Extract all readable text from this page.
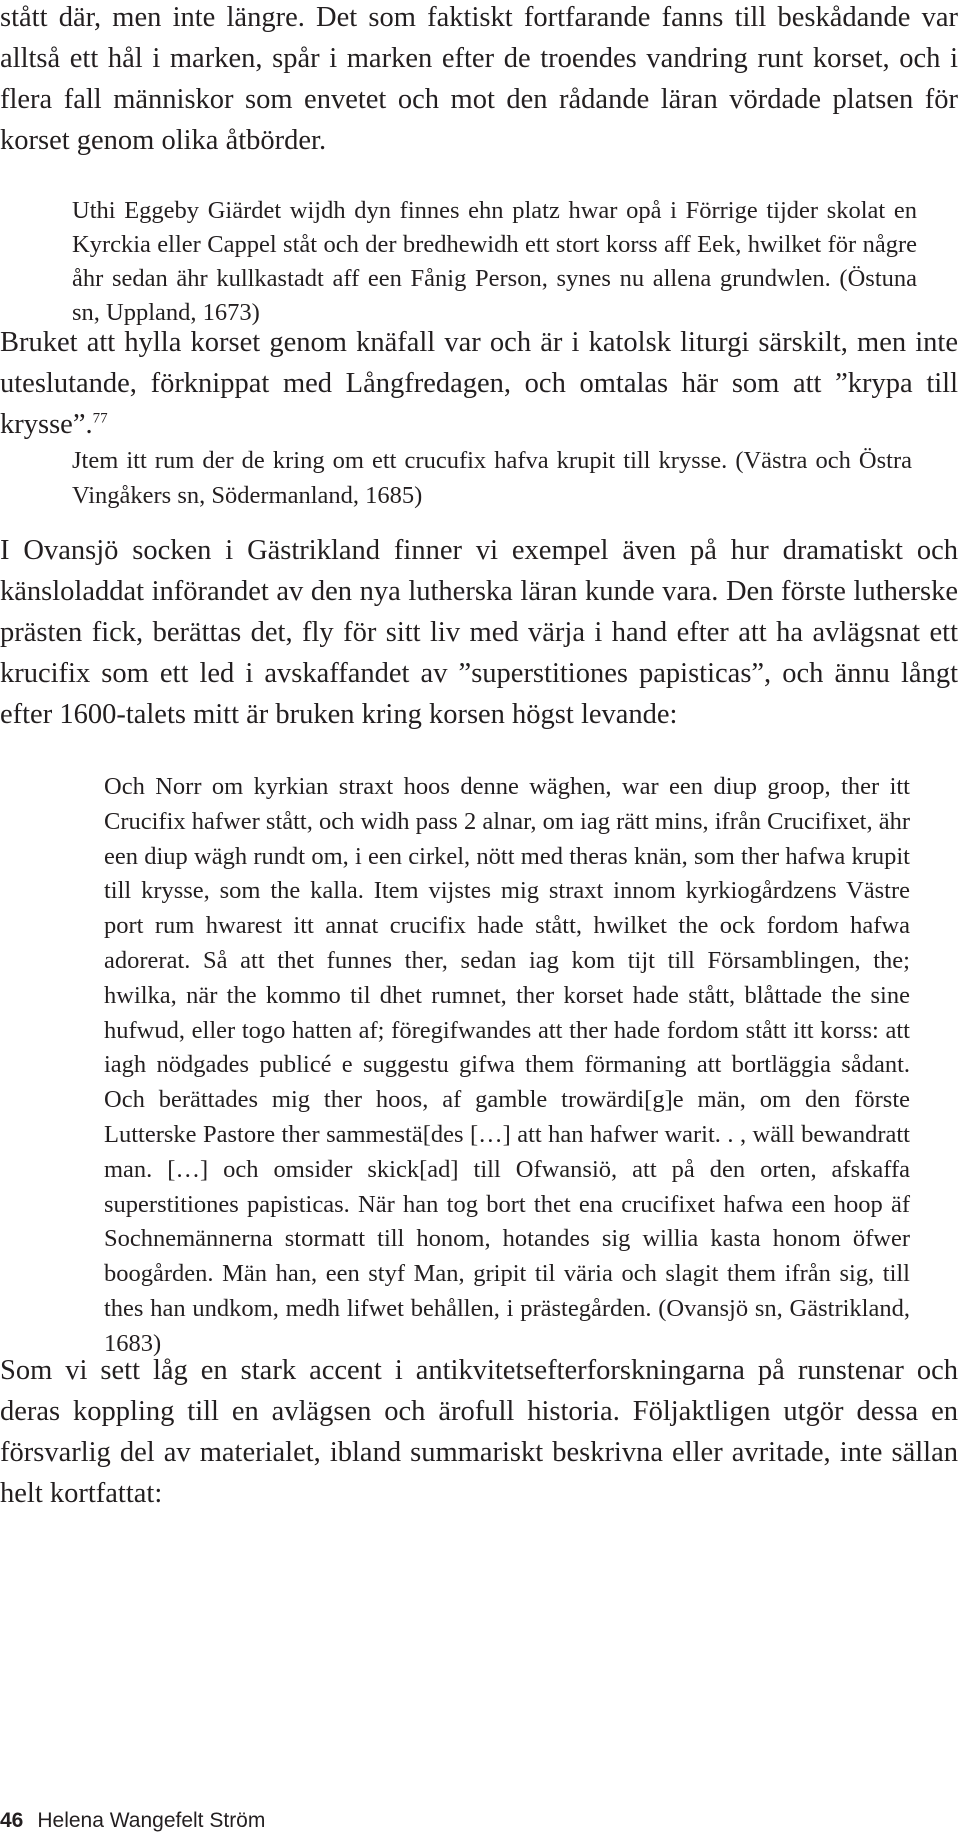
stått där, men inte längre. Det som faktiskt fortfarande fanns till beskådande var alltså ett hål i marken, spår i marken efter de troendes vandring runt korset, och i flera fall människor som envetet och mot den rådande läran vördade platsen för korset genom olika åtbörder.

Uthi Eggeby Giärdet wijdh dyn finnes ehn platz hwar opå i Förrige tijder skolat en Kyrckia eller Cappel ståt och der bredhewidh ett stort korss aff Eek, hwilket för någre åhr sedan ähr kullkastadt aff een Fånig Person, synes nu allena grundwlen. (Östuna sn, Uppland, 1673)

Bruket att hylla korset genom knäfall var och är i katolsk liturgi särskilt, men inte uteslutande, förknippat med Långfredagen, och omtalas här som att ”krypa till krysse”.$^{77}$

Jtem itt rum der de kring om ett crucufix hafva krupit till krysse. (Västra och Östra Vingåkers sn, Södermanland, 1685)

I Ovansjö socken i Gästrikland finner vi exempel även på hur dramatiskt och känsloladdat införandet av den nya lutherska läran kunde vara. Den förste lutherske prästen fick, berättas det, fly för sitt liv med värja i hand efter att ha avlägsnat ett krucifix som ett led i avskaffandet av ”superstitiones papisticas”, och ännu långt efter 1600-talets mitt är bruken kring korsen högst levande:

Och Norr om kyrkian straxt hoos denne wäghen, war een diup groop, ther itt Crucifix hafwer stått, och widh pass 2 alnar, om iag rätt mins, ifrån Crucifixet, ähr een diup wägh rundt om, i een cirkel, nött med theras knän, som ther hafwa krupit till krysse, som the kalla. Item vijstes mig straxt innom kyrkiogårdzens Västre port rum hwarest itt annat crucifix hade stått, hwilket the ock fordom hafwa adorerat. Så att thet funnes ther, sedan iag kom tijt till Församblingen, the; hwilka, när the kommo til dhet rumnet, ther korset hade stått, blåttade the sine hufwud, eller togo hatten af; föregifwandes att ther hade fordom stått itt korss: att iagh nödgades publicé e suggestu gifwa them förmaning att bortläggia sådant. Och berättades mig ther hoos, af gamble trowärdi[g]e män, om den förste Lutterske Pastore ther sammestä[des […] att han hafwer warit. . , wäll bewandratt man. […] och omsider skick[ad] till Ofwansiö, att på den orten, afskaffa superstitiones papisticas. När han tog bort thet ena crucifixet hafwa een hoop äf Sochnemännerna stormatt till honom, hotandes sig willia kasta honom öfwer boogården. Män han, een styf Man, gripit til väria och slagit them ifrån sig, till thes han undkom, medh lifwet behållen, i prästegården. (Ovansjö sn, Gästrikland, 1683)

Som vi sett låg en stark accent i antikvitetsefterforskningarna på runstenar och deras koppling till en avlägsen och ärofull historia. Följaktligen utgör dessa en försvarlig del av materialet, ibland summariskt beskrivna eller avritade, inte sällan helt kortfattat:

46 Helena Wangefelt Ström
